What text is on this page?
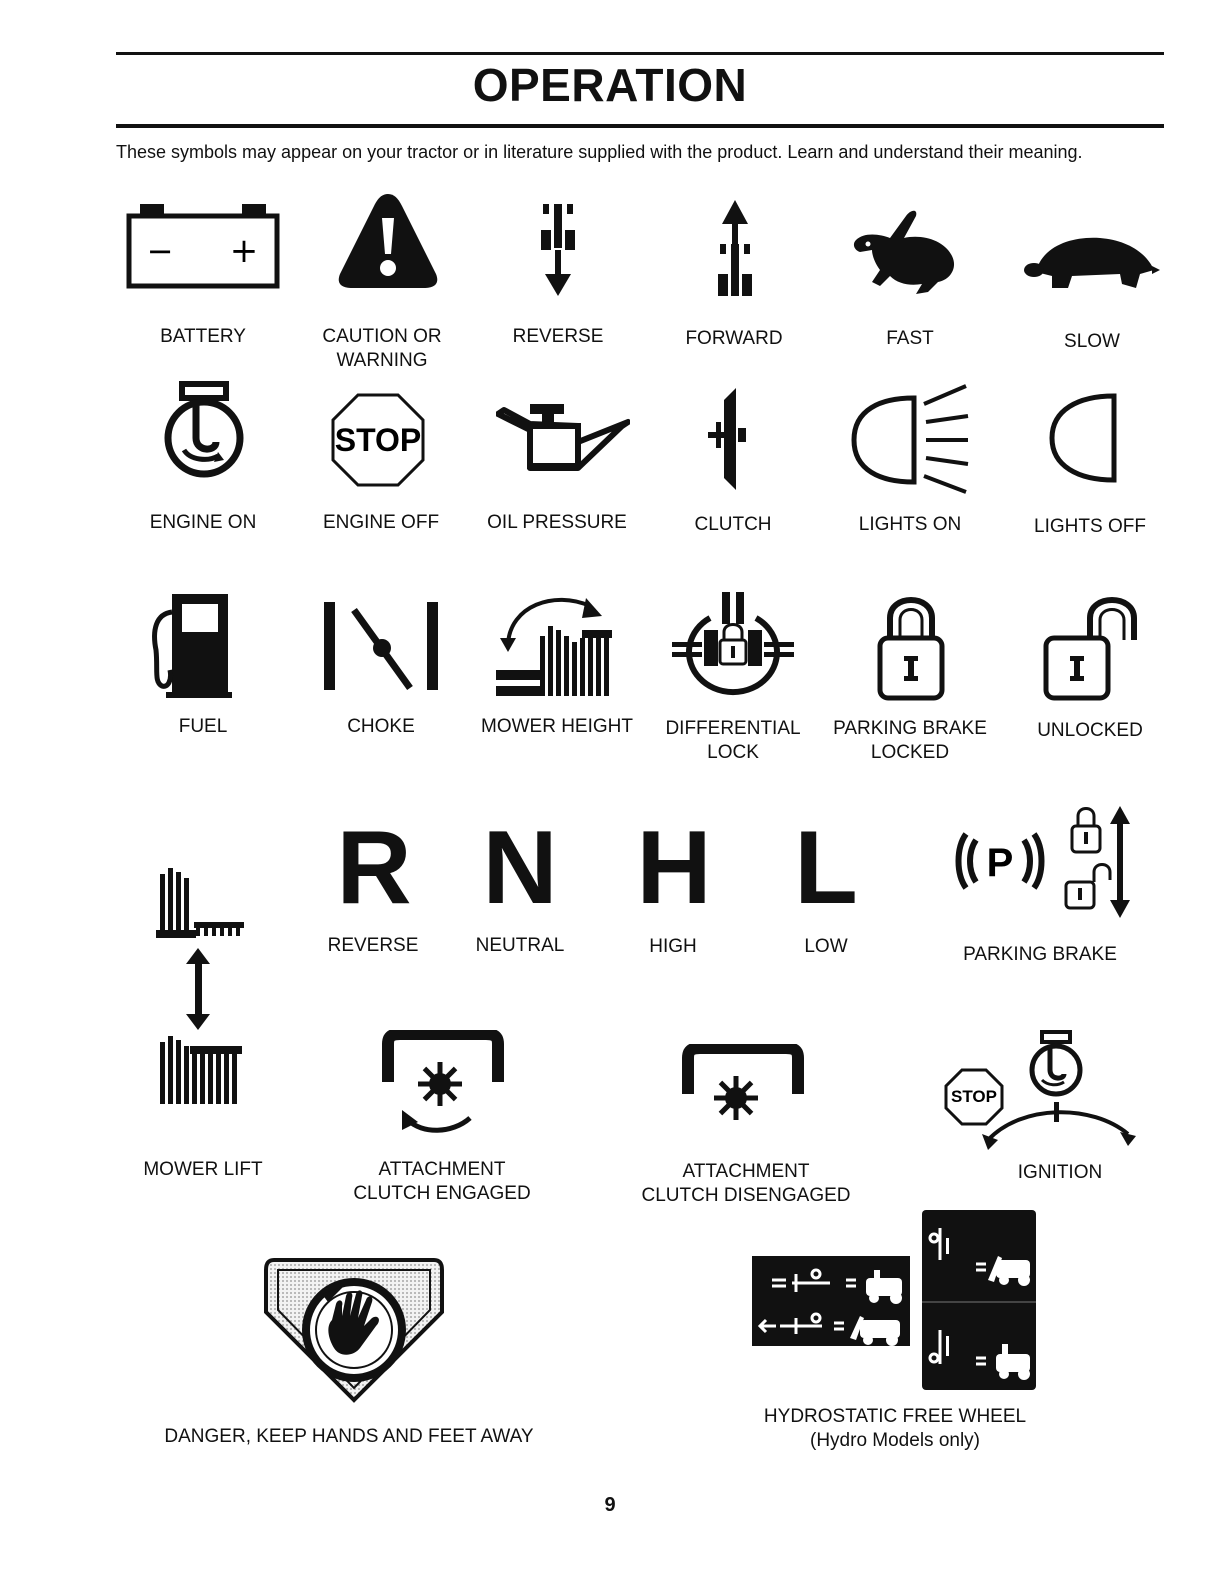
OPERATION
These symbols may appear on your tractor or in literature supplied with the product. Learn and understand their meaning.
− +
BATTERY	CAUTION OR
WARNING
REVERSE	FORWARD	FAST	SLOW
ENGINE ON
STOP
ENGINE OFF	OIL PRESSURE	CLUTCH	LIGHTS ON	LIGHTS OFF
FUEL	CHOKE	MOWER HEIGHT DIFFERENTIAL
LOCK
PARKING BRAKE
LOCKED
UNLOCKED
R N H L
REVERSE	NEUTRAL	HIGH	LOW
P
PARKING BRAKE
MOWER LIFT	ATTACHMENT
CLUTCH ENGAGED
ATTACHMENT
CLUTCH DISENGAGED
STOP
IGNITION
DANGER, KEEP HANDS AND FEET AWAY
HYDROSTATIC FREE WHEEL
(Hydro Models only)
9
